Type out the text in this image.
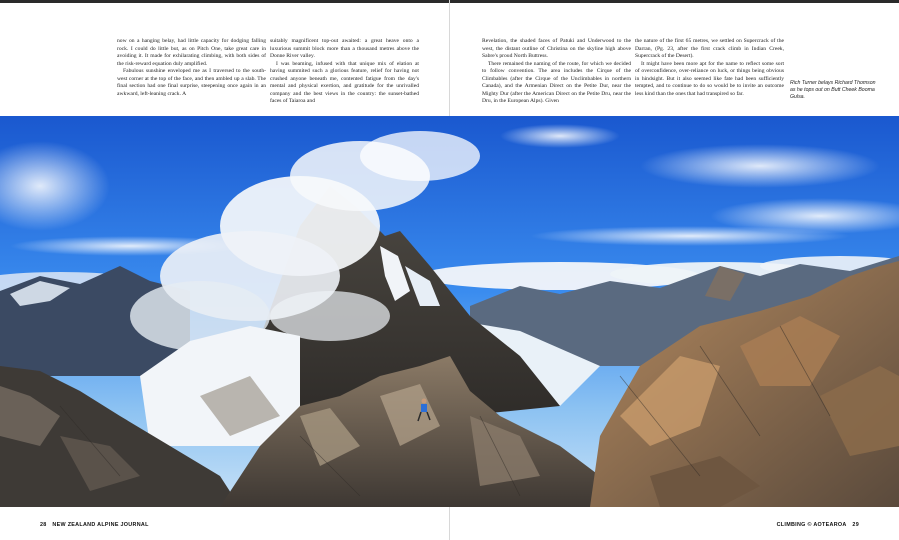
now on a hanging belay, had little capacity for dodging falling rock. I could do little but, as on Pitch One, take great care in avoiding it. It made for exhilarating climbing, with both sides of the risk-reward equation duly amplified.

Fabulous sunshine enveloped me as I traversed to the south-west corner at the top of the face, and then ambled up a slab. The final section had one final surprise, steepening once again in an awkward, left-leaning crack. A

suitably magnificent top-out awaited: a great heave onto a luxurious summit block more than a thousand metres above the Donne River valley.

I was beaming, infused with that unique mix of elation at having summited such a glorious feature, relief for having not crushed anyone beneath me, contented fatigue from the day's mental and physical exertion, and gratitude for the unrivalled company and the best views in the country: the sunset-bathed faces of Taiaroa and

Revelation, the shaded faces of Patuki and Underwood to the west, the distant outline of Christina on the skyline high above Sabre's proud North Buttress.

There remained the naming of the route, for which we decided to follow convention. The area includes the Cirque of the Climbables (after the Cirque of the Unclimbables in northern Canada), and the Armenian Direct on the Petite Dur, near the Mighty Dur (after the American Direct on the Petite Dru, near the Dru, in the European Alps). Given

the nature of the first 65 metres, we settled on Supercrack of the Darran, (Pg. 23, after the first crack climb in Indian Creek, Supercrack of the Desert).

It might have been more apt for the name to reflect some sort of overconfidence, over-reliance on luck, or things being obvious in hindsight. But it also seemed like fate had been sufficiently tempted, and to continue to do so would be to invite an outcome less kind than the ones that had transpired so far.

Rich Turner belays Richard Thomson as he tops out on Butt Cheek Booma Gulsa.
28 NEW ZEALAND ALPINE JOURNAL	CLIMBING © AOTEAROA 29
